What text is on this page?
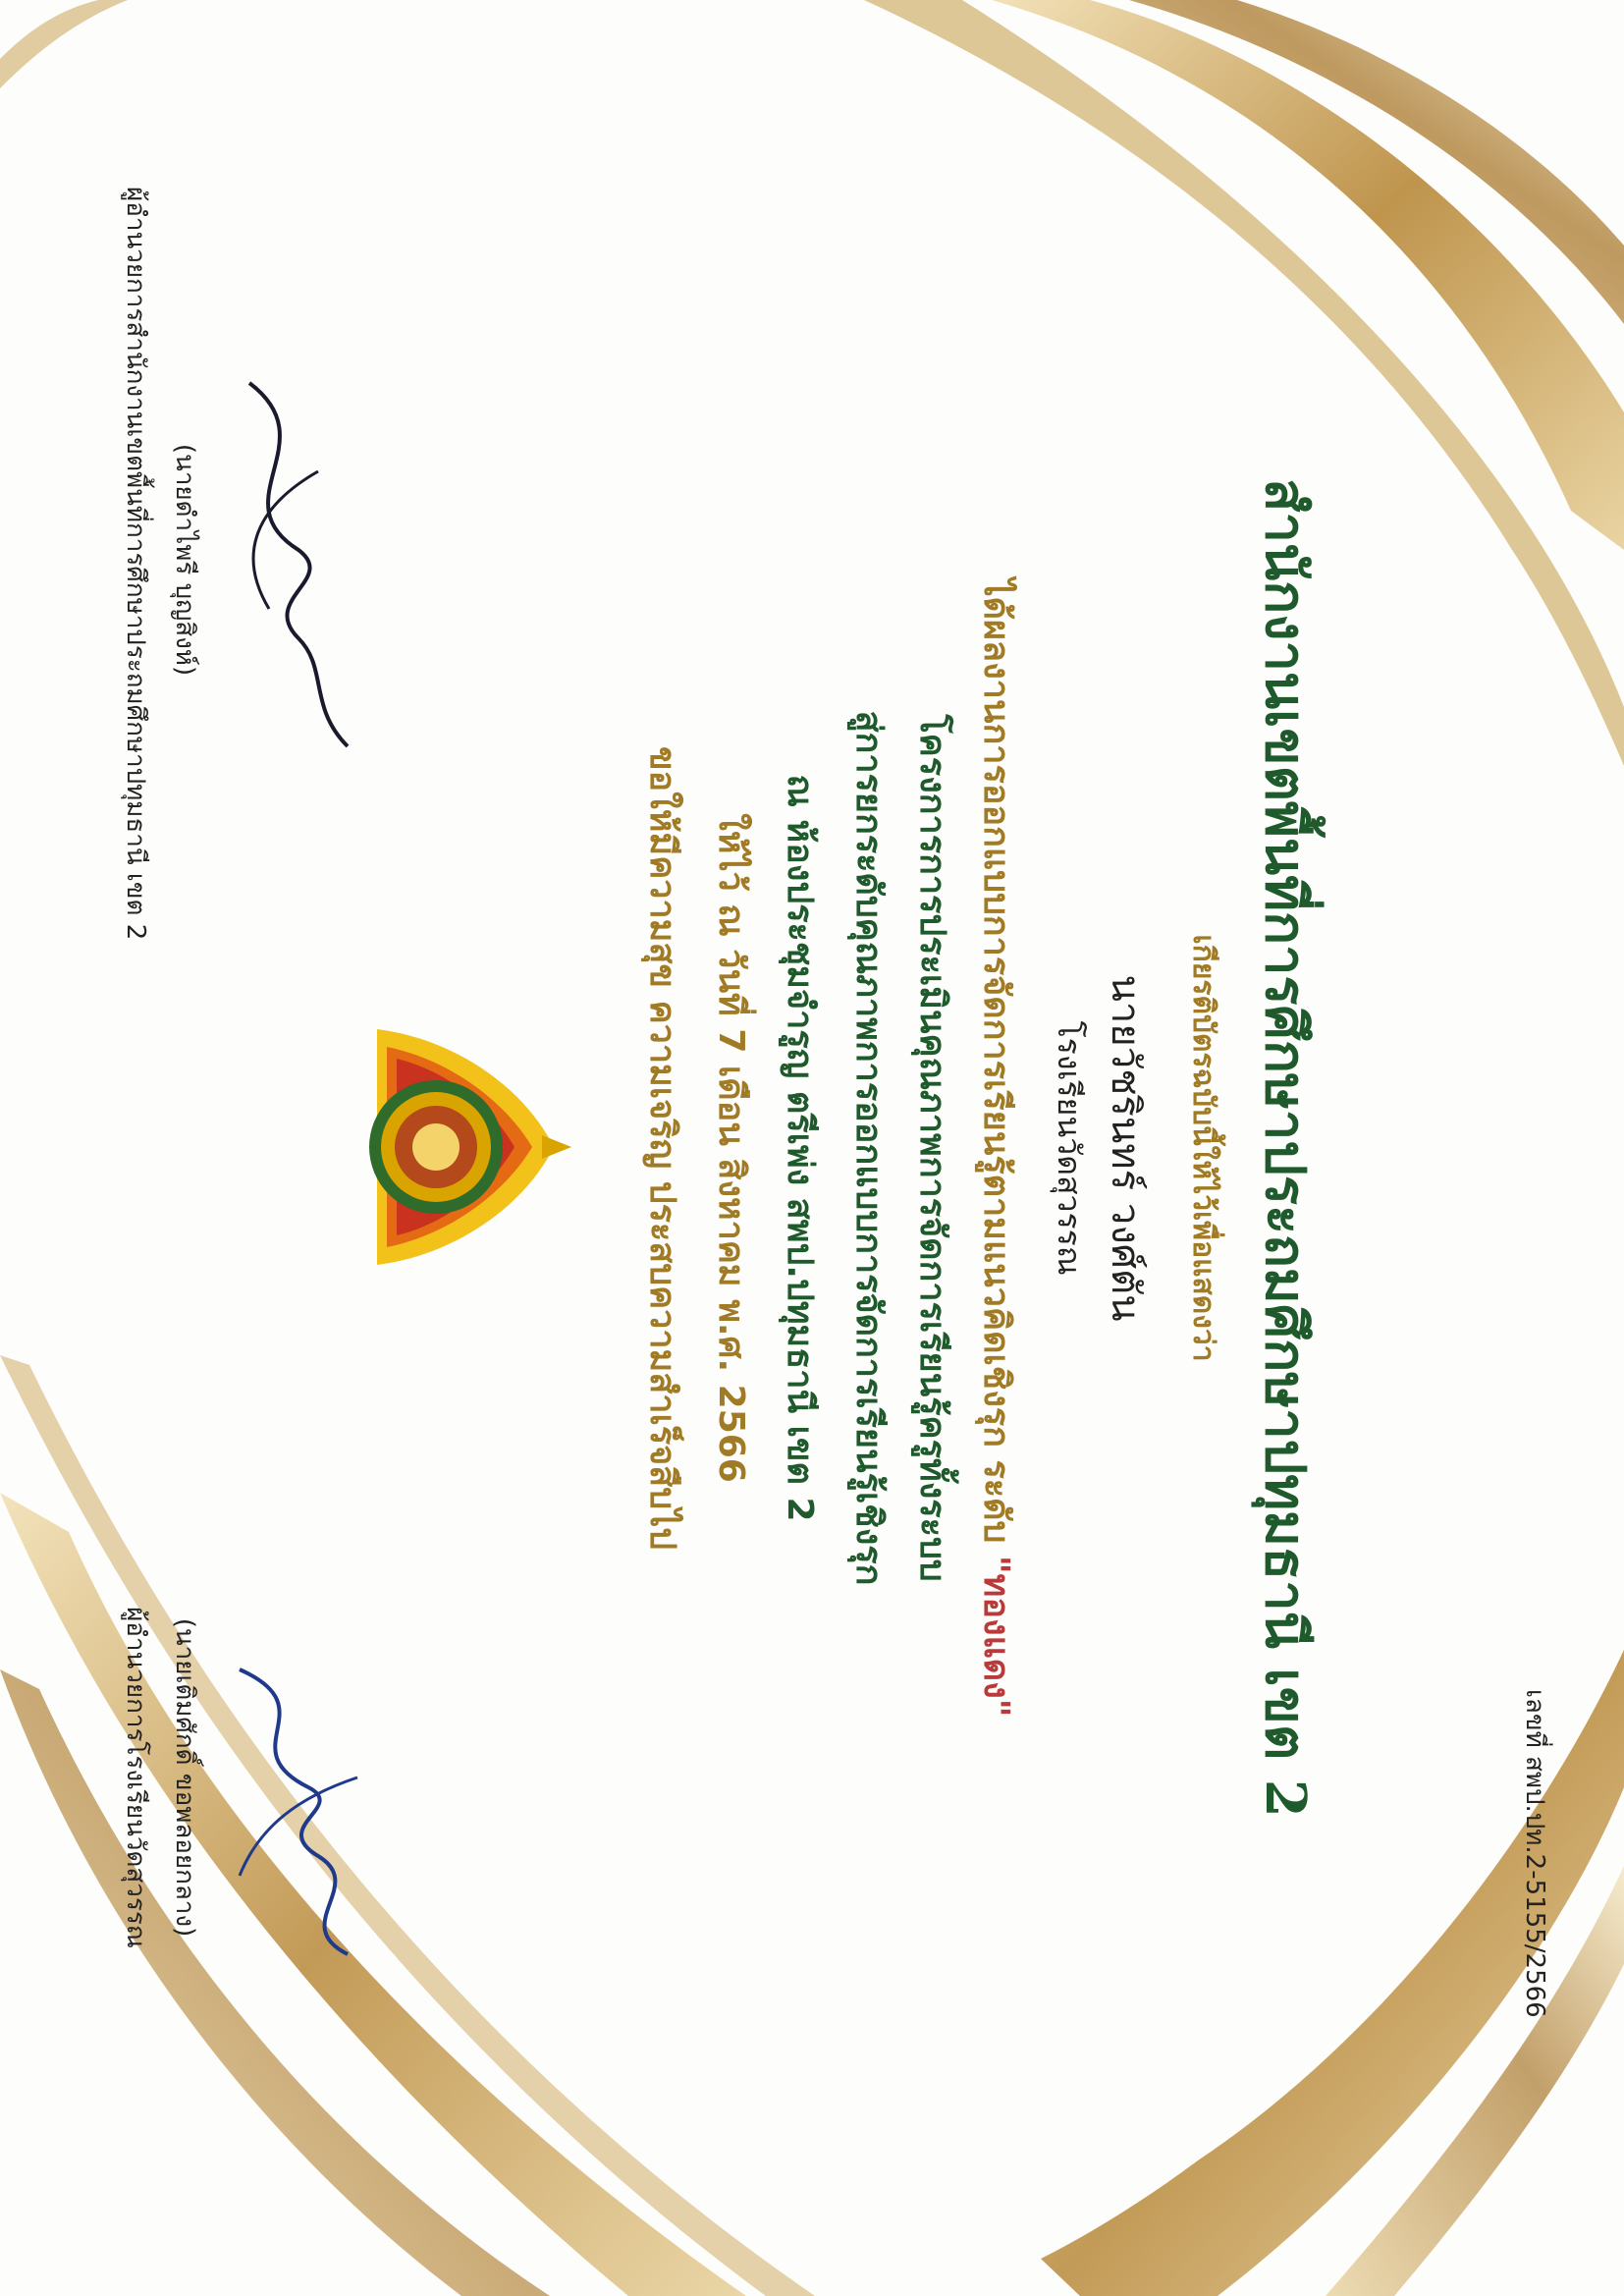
เลขที่ สพป.ปท.2-5155/2566
สำนักงานเขตพื้นที่การศึกษาประถมศึกษาปทุมธานี เขต 2
เกียรติบัตรฉบับนี้ให้ไว้เพื่อแสดงว่า
นายวัชรินทร์ วงศ์ตัน
โรงเรียนวัดสุวรรณ
ได้ผลงานการออกแบบการจัดการเรียนรู้ตามแนวคิดเชิงรุก ระดับ "ทองแดง"
โครงการการประเมินคุณภาพการจัดการเรียนรู้ครูทั้งระบบ
สู่การยกระดับคุณภาพการออกแบบการจัดการเรียนรู้เชิงรุก
ณ ห้องประชุมจำรูญ ตรีเพ่ง สพป.ปทุมธานี เขต 2
ให้ไว้ ณ วันที่ 7 เดือน สิงหาคม พ.ศ. 2566
ขอให้มีความสุข ความเจริญ ประสบความสำเร็จสืบไป
(นายดำไพรี บุญสิงห์)
ผู้อำนวยการสำนักงานเขตพื้นที่การศึกษาประถมศึกษาปทุมธานี เขต 2
(นายเติมศักดิ์ ขอพลอยกลาง)
ผู้อำนวยการโรงเรียนวัดสุวรรณ
